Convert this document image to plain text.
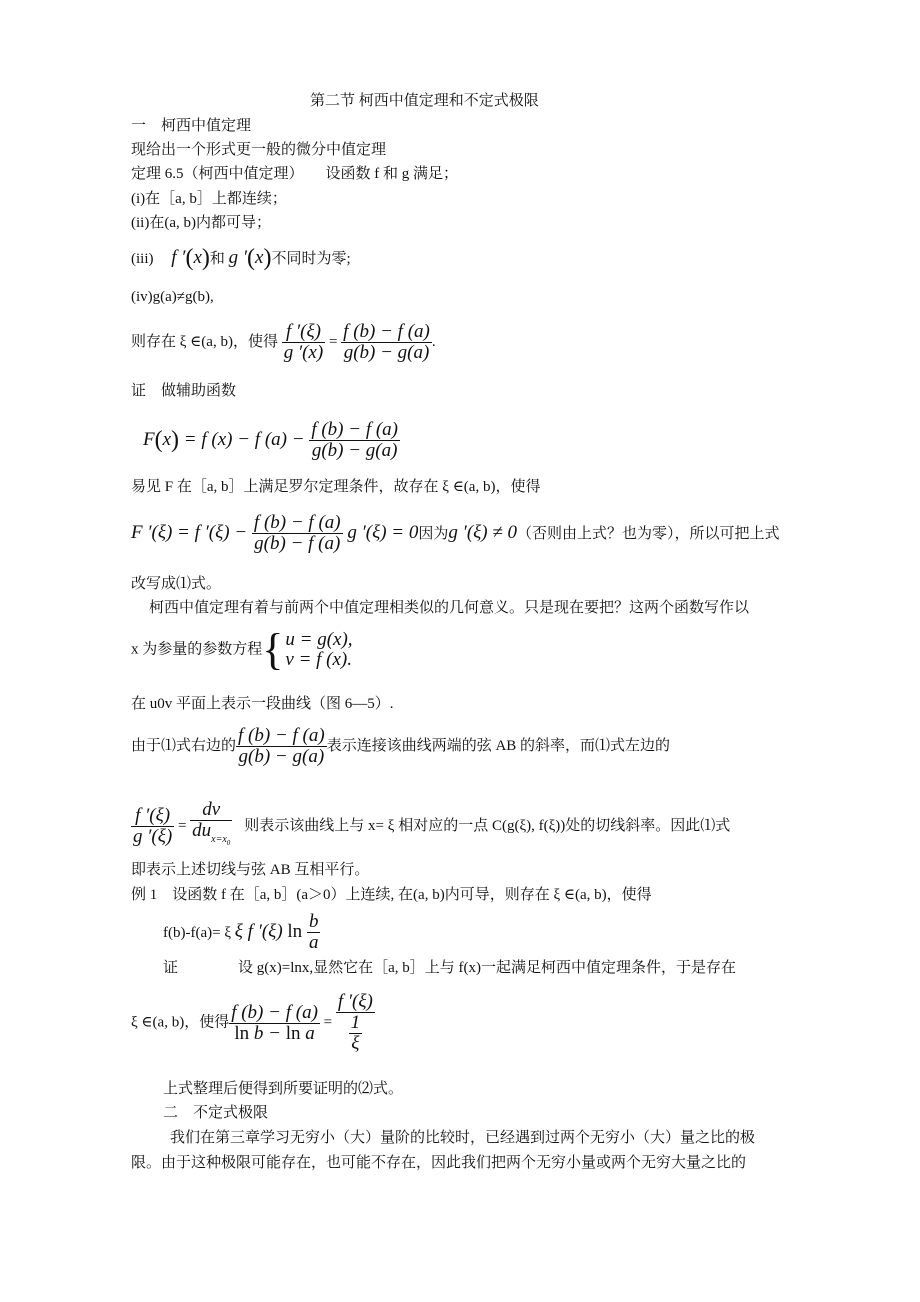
第二节 柯西中值定理和不定式极限
一　柯西中值定理
现给出一个形式更一般的微分中值定理
定理 6.5（柯西中值定理） 设函数 f 和 g 满足；
(i)在［a, b］上都连续；
(ii)在(a, b)内都可导；
(iii) f ′(x)和 g ′(x)不同时为零;
(iv)g(a)≠g(b),
则存在 ξ ∈(a, b)，使得 $\frac{f '(\xi)}{g '(x)} = \frac{f (b) - f (a)}{g(b) - g(a)}$ .
证　做辅助函数
F(x) = f (x) − f $(a) - \frac{f (b) - f (a)}{g(b) - g(a)}$
易见 F 在［a, b］上满足罗尔定理条件，故存在 ξ ∈(a, b)，使得
F ′(ξ) = f $'(\xi) - \frac{f (b) - f (a)}{g(b) - f (a)}$ g ′(ξ) = 0因为g ′(ξ) ≠ 0（否则由上式？也为零），所以可把上式
改写成⑴式。
柯西中值定理有着与前两个中值定理相类似的几何意义。只是现在要把？这两个函数写作以
x 为参量的参数方程{ u = g(x),
v = f (x).
在 u0v 平面上表示一段曲线（图 6—5）.
由于⑴式右边的 $\frac{f (b) - f (a)}{g(b) - g(a)}$ 表示连接该曲线两端的弦 AB 的斜率，而⑴式左边的
$\frac{f '(\xi)}{g '(\xi)}$ =
dv
$du_{x=x_0}$
则表示该曲线上与 x= ξ 相对应的一点 C(g(ξ), f(ξ))处的切线斜率。因此⑴式
即表示上述切线与弦 AB 互相平行。
例 1　设函数 f 在［a, b］(a＞0）上连续, 在(a, b)内可导，则存在 ξ ∈(a, b)，使得
f(b)-f(a)= ξ ξ f ′(ξ) $\ln \frac{b}{a}$
证　　　　设 g(x)=lnx,显然它在［a, b］上与 f(x)一起满足柯西中值定理条件，于是存在
ξ ∈(a, b)，使得 $\frac{f (b) - f (a)}{\text{ln b − ln a}} = \frac{f '(\xi)}{\frac{1}{\xi}}$
上式整理后便得到所要证明的⑵式。
二　不定式极限
我们在第三章学习无穷小（大）量阶的比较时，已经遇到过两个无穷小（大）量之比的极
限。由于这种极限可能存在，也可能不存在，因此我们把两个无穷小量或两个无穷大量之比的
